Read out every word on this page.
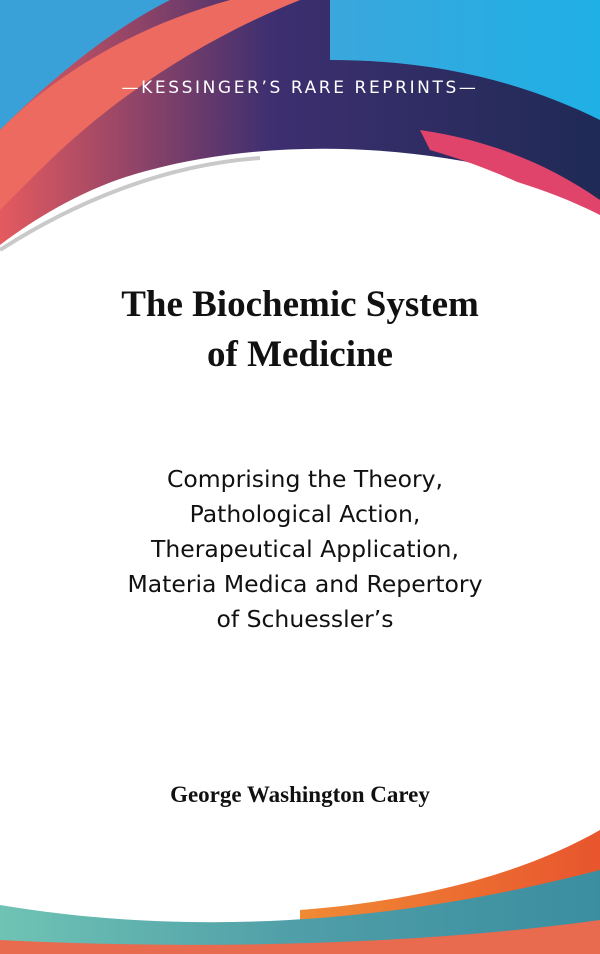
—KESSINGER’S RARE REPRINTS—
The Biochemic System
of Medicine
Comprising the Theory,
Pathological Action,
Therapeutical Application,
Materia Medica and Repertory
of Schuessler’s
George Washington Carey
